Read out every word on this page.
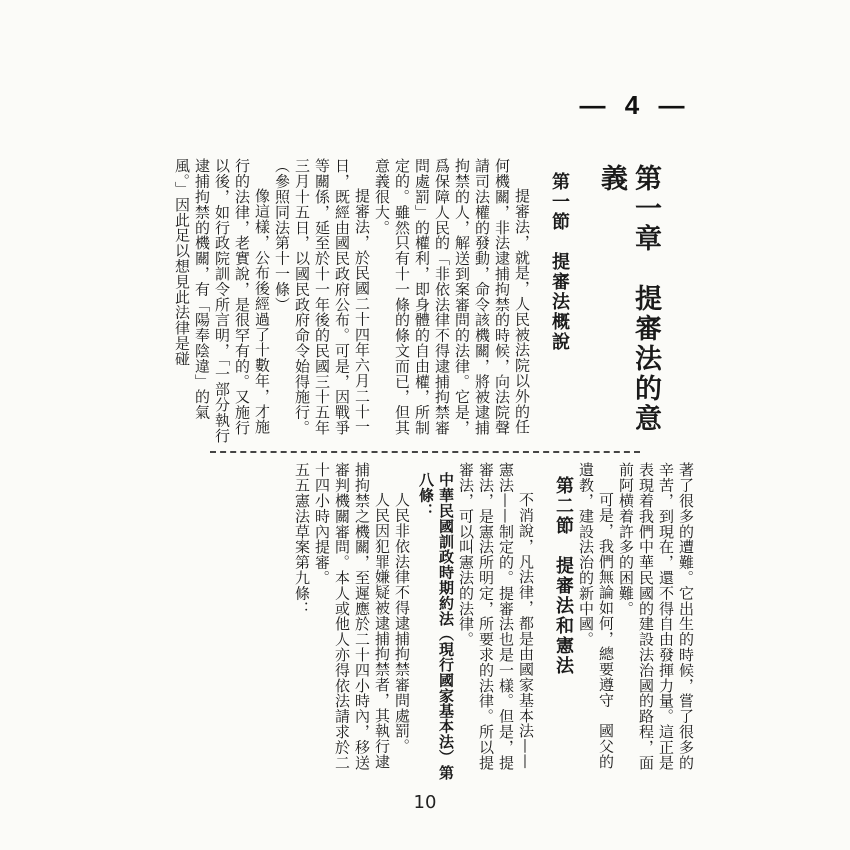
— 4 —

第一章　提審法的意義

第一節　提審法概說

提審法，就是，人民被法院以外的任何機關，非法逮捕拘禁的時候，向法院聲請司法權的發動，命令該機關，將被逮捕拘禁的人，解送到案審問的法律。它是，爲保障人民的「非依法律不得逮捕拘禁審問處罰」的權利，即身體的自由權，所制定的。雖然只有十一條的條文而已，但其意義很大。

提審法，於民國二十四年六月二十一日，既經由國民政府公布。可是，因戰爭等關係，延至於十一年後的民國三十五年三月十五日，以國民政府命令始得施行。（參照同法第十一條）

像這樣，公布後經過了十數年，才施行的法律，老實說，是很罕有的。又施行以後，如行政院訓令所言明，「一部分執行逮捕拘禁的機關，有「陽奉陰違」的氣風。」因此足以想見此法律是碰

著了很多的遭難。它出生的時候，嘗了很多的辛苦，到現在，還不得自由發揮力量。這正是表現着我們中華民國的建設法治國的路程，面前阿横着許多的困難。

可是，我們無論如何，總要遵守　國父的遺教，建設法治的新中國。

第二節　提審法和憲法

不消說，凡法律，都是由國家基本法——憲法——制定的。提審法也是一樣。但是，提審法，是憲法所明定，所要求的法律。所以提審法，可以叫憲法的法律。

中華民國訓政時期約法（現行國家基本法）第八條：

人民非依法律不得逮捕拘禁審問處罰。

人民因犯罪嫌疑被逮捕拘禁者，其執行逮捕拘禁之機關，至遲應於二十四小時內，移送審判機關審問。本人或他人亦得依法請求於二十四小時內提審。

五五憲法草案第九條：

10
